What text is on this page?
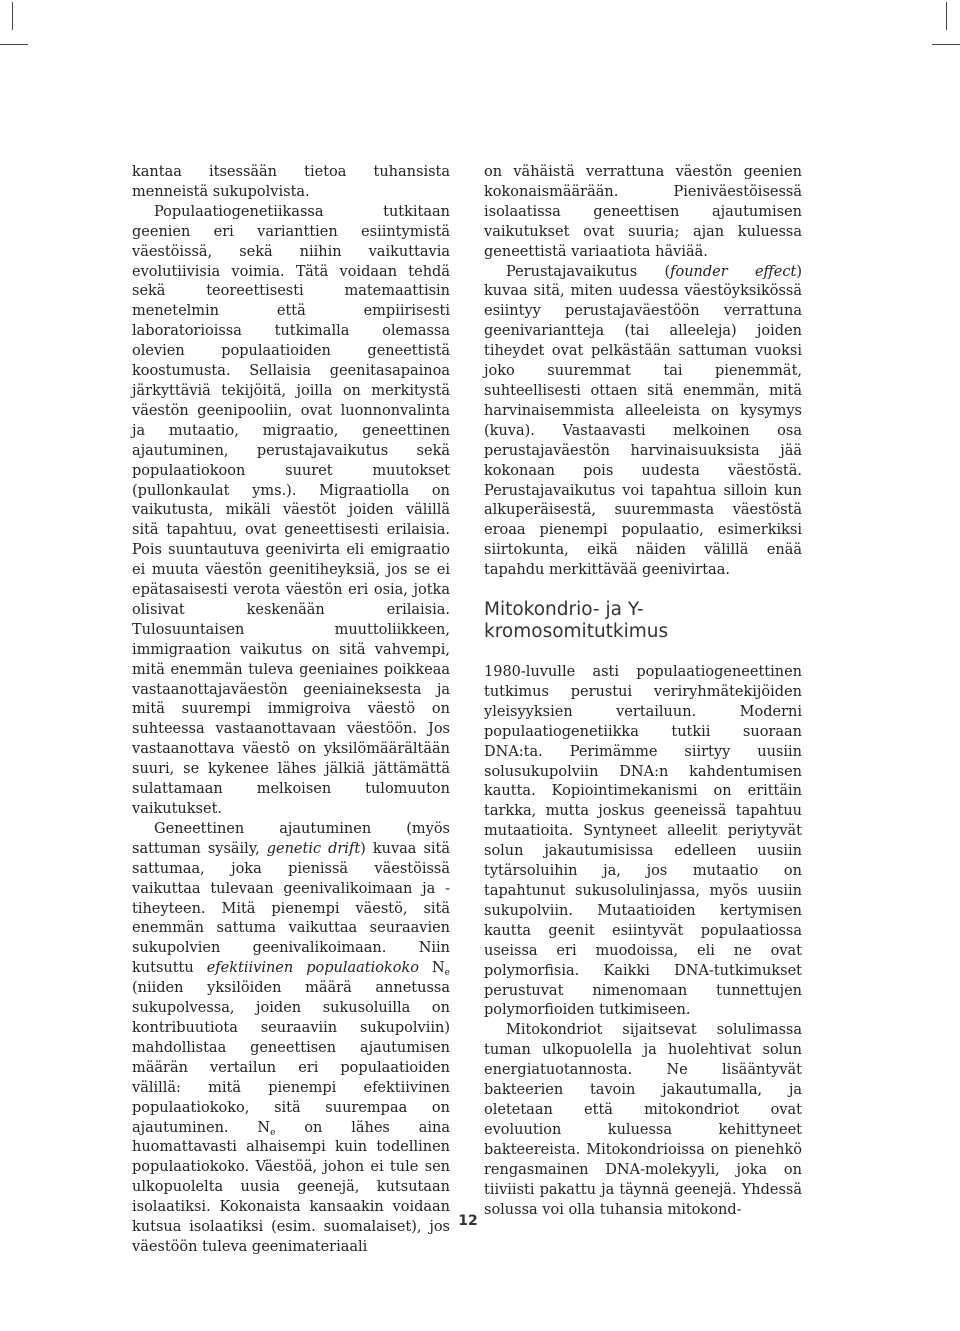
kantaa itsessään tietoa tuhansista menneistä sukupolvista.

Populaatiogenetiikassa tutkitaan geenien eri varianttien esiintymistä väestöissä, sekä niihin vaikuttavia evolutiivisia voimia. Tätä voidaan tehdä sekä teoreettisesti matemaattisin menetelmin että empiirisesti laboratorioissa tutkimalla olemassa olevien populaatioiden geneettistä koostumusta. Sellaisia geenitasapainoa järkyttäviä tekijöitä, joilla on merkitystä väestön geenipooliin, ovat luonnonvalinta ja mutaatio, migraatio, geneettinen ajautuminen, perustajavaikutus sekä populaatiokoon suuret muutokset (pullonkaulat yms.). Migraatiolla on vaikutusta, mikäli väestöt joiden välillä sitä tapahtuu, ovat geneettisesti erilaisia. Pois suuntautuva geenivirta eli emigraatio ei muuta väestön geenitiheyksiä, jos se ei epätasaisesti verota väestön eri osia, jotka olisivat keskenään erilaisia. Tulosuuntaisen muuttoliikkeen, immigraation vaikutus on sitä vahvempi, mitä enemmän tuleva geeniaines poikkeaa vastaanottajaväestön geeniaineksesta ja mitä suurempi immigroiva väestö on suhteessa vastaanottavaan väestöön. Jos vastaanottava väestö on yksilömäärältään suuri, se kykenee lähes jälkiä jättämättä sulattamaan melkoisen tulomuuton vaikutukset.

Geneettinen ajautuminen (myös sattuman sysäily, genetic drift) kuvaa sitä sattumaa, joka pienissä väestöissä vaikuttaa tulevaan geenivalikoimaan ja -tiheyteen. Mitä pienempi väestö, sitä enemmän sattuma vaikuttaa seuraavien sukupolvien geenivalikoimaan. Niin kutsuttu efektiivinen populaatiokoko $N_e$ (niiden yksilöiden määrä annetussa sukupolvessa, joiden sukusoluilla on kontribuutiota seuraaviin sukupolviin) mahdollistaa geneettisen ajautumisen määrän vertailun eri populaatioiden välillä: mitä pienempi efektiivinen populaatiokoko, sitä suurempaa on ajautuminen. $N_e$ on lähes aina huomattavasti alhaisempi kuin todellinen populaatiokoko. Väestöä, johon ei tule sen ulkopuolelta uusia geenejä, kutsutaan isolaatiksi. Kokonaista kansaakin voidaan kutsua isolaatiksi (esim. suomalaiset), jos väestöön tuleva geenimateriaali

on vähäistä verrattuna väestön geenien kokonaismäärään. Pieniväestöisessä isolaatissa geneettisen ajautumisen vaikutukset ovat suuria; ajan kuluessa geneettistä variaatiota häviää.

Perustajavaikutus (founder effect) kuvaa sitä, miten uudessa väestöyksikössä esiintyy perustajaväestöön verrattuna geenivariantteja (tai alleeleja) joiden tiheydet ovat pelkästään sattuman vuoksi joko suuremmat tai pienemmät, suhteellisesti ottaen sitä enemmän, mitä harvinaisemmista alleeleista on kysymys (kuva). Vastaavasti melkoinen osa perustajaväestön harvinaisuuksista jää kokonaan pois uudesta väestöstä. Perustajavaikutus voi tapahtua silloin kun alkuperäisestä, suuremmasta väestöstä eroaa pienempi populaatio, esimerkiksi siirtokunta, eikä näiden välillä enää tapahdu merkittävää geenivirtaa.

Mitokondrio- ja Y-kromosomitutkimus

1980-luvulle asti populaatiogeneettinen tutkimus perustui veriryhmätekijöiden yleisyyksien vertailuun. Moderni populaatiogenetiikka tutkii suoraan DNA:ta. Perimämme siirtyy uusiin solusukupolviin DNA:n kahdentumisen kautta. Kopiointimekanismi on erittäin tarkka, mutta joskus geeneissä tapahtuu mutaatioita. Syntyneet alleelit periytyvät solun jakautumisissa edelleen uusiin tytärsoluihin ja, jos mutaatio on tapahtunut sukusolulinjassa, myös uusiin sukupolviin. Mutaatioiden kertymisen kautta geenit esiintyvät populaatiossa useissa eri muodoissa, eli ne ovat polymorfisia. Kaikki DNA-tutkimukset perustuvat nimenomaan tunnettujen polymorfioiden tutkimiseen.

Mitokondriot sijaitsevat solulimassa tuman ulkopuolella ja huolehtivat solun energiatuotannosta. Ne lisääntyvät bakteerien tavoin jakautumalla, ja oletetaan että mitokondriot ovat evoluution kuluessa kehittyneet bakteereista. Mitokondrioissa on pienehkö rengasmainen DNA-molekyyli, joka on tiiviisti pakattu ja täynnä geenejä. Yhdessä solussa voi olla tuhansia mitokond-

12
